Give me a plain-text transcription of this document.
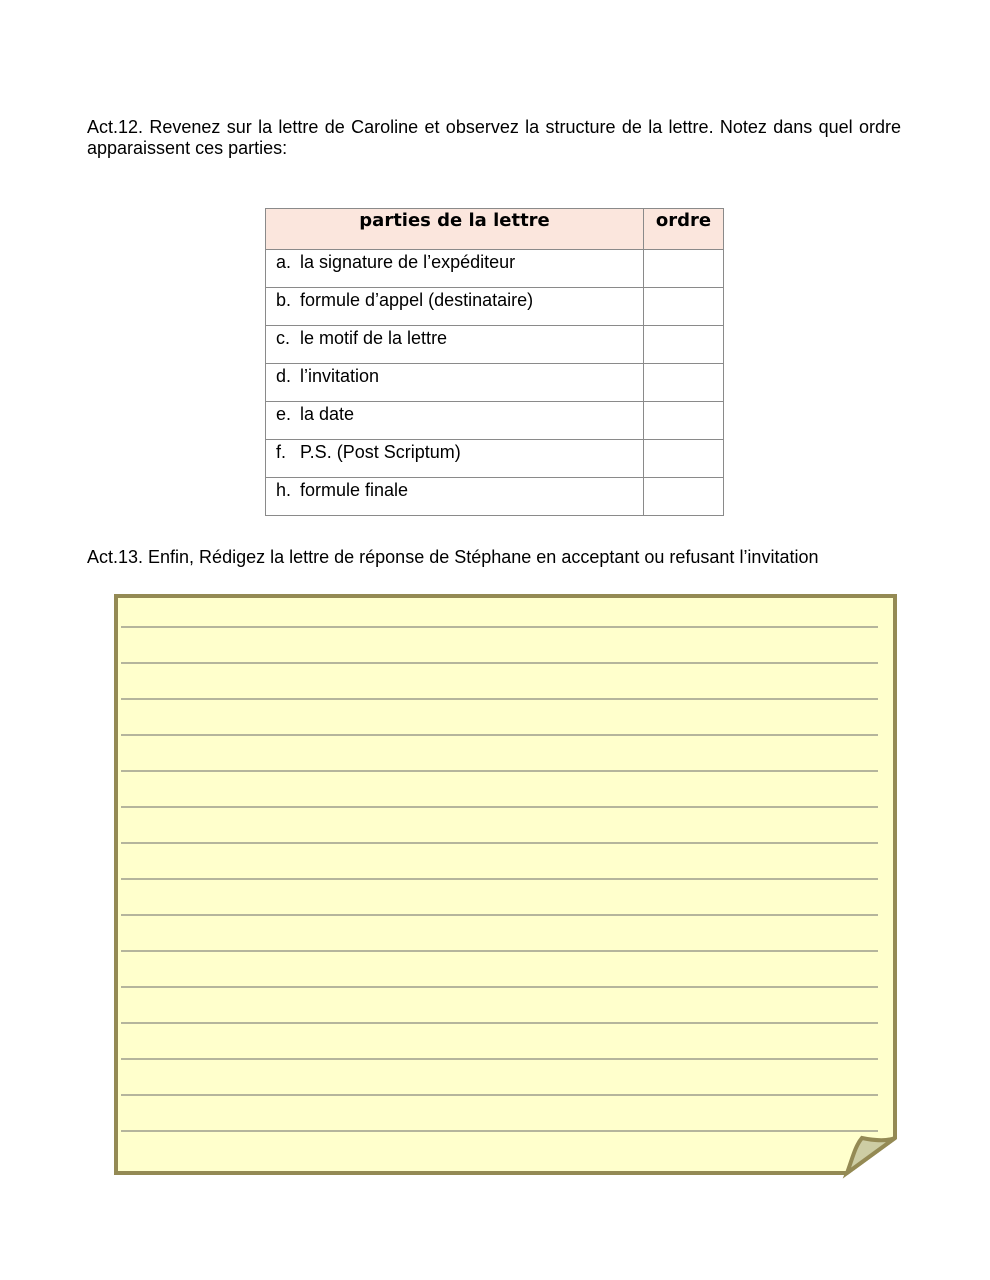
Act.12. Revenez sur la lettre de Caroline et observez la structure de la lettre. Notez dans quel ordre apparaissent ces parties:

parties de la lettre	ordre
a. la signature de l’expéditeur	
b. formule d’appel (destinataire)	
c. le motif de la lettre	
d. l’invitation	
e. la date	
f. P.S. (Post Scriptum)	
h. formule finale	

Act.13. Enfin, Rédigez la lettre de réponse de Stéphane en acceptant ou refusant l’invitation
